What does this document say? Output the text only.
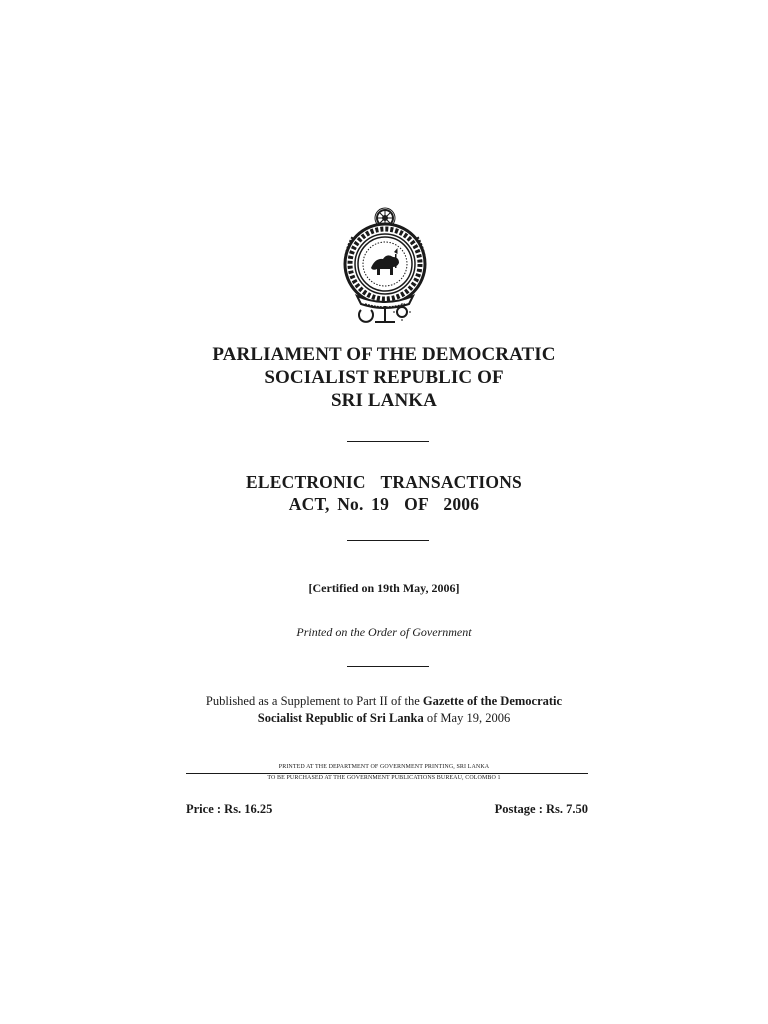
PARLIAMENT OF THE DEMOCRATIC
SOCIALIST REPUBLIC OF
SRI LANKA
ELECTRONIC  TRANSACTIONS
ACT, No. 19  OF  2006
[Certified on 19th May, 2006]
Printed on the Order of Government
Published as a Supplement to Part II of the Gazette of the Democratic
Socialist Republic of Sri Lanka of May 19, 2006
PRINTED AT THE DEPARTMENT OF GOVERNMENT PRINTING, SRI LANKA
TO BE PURCHASED AT THE GOVERNMENT PUBLICATIONS BUREAU, COLOMBO 1
Price : Rs. 16.25	Postage : Rs. 7.50
